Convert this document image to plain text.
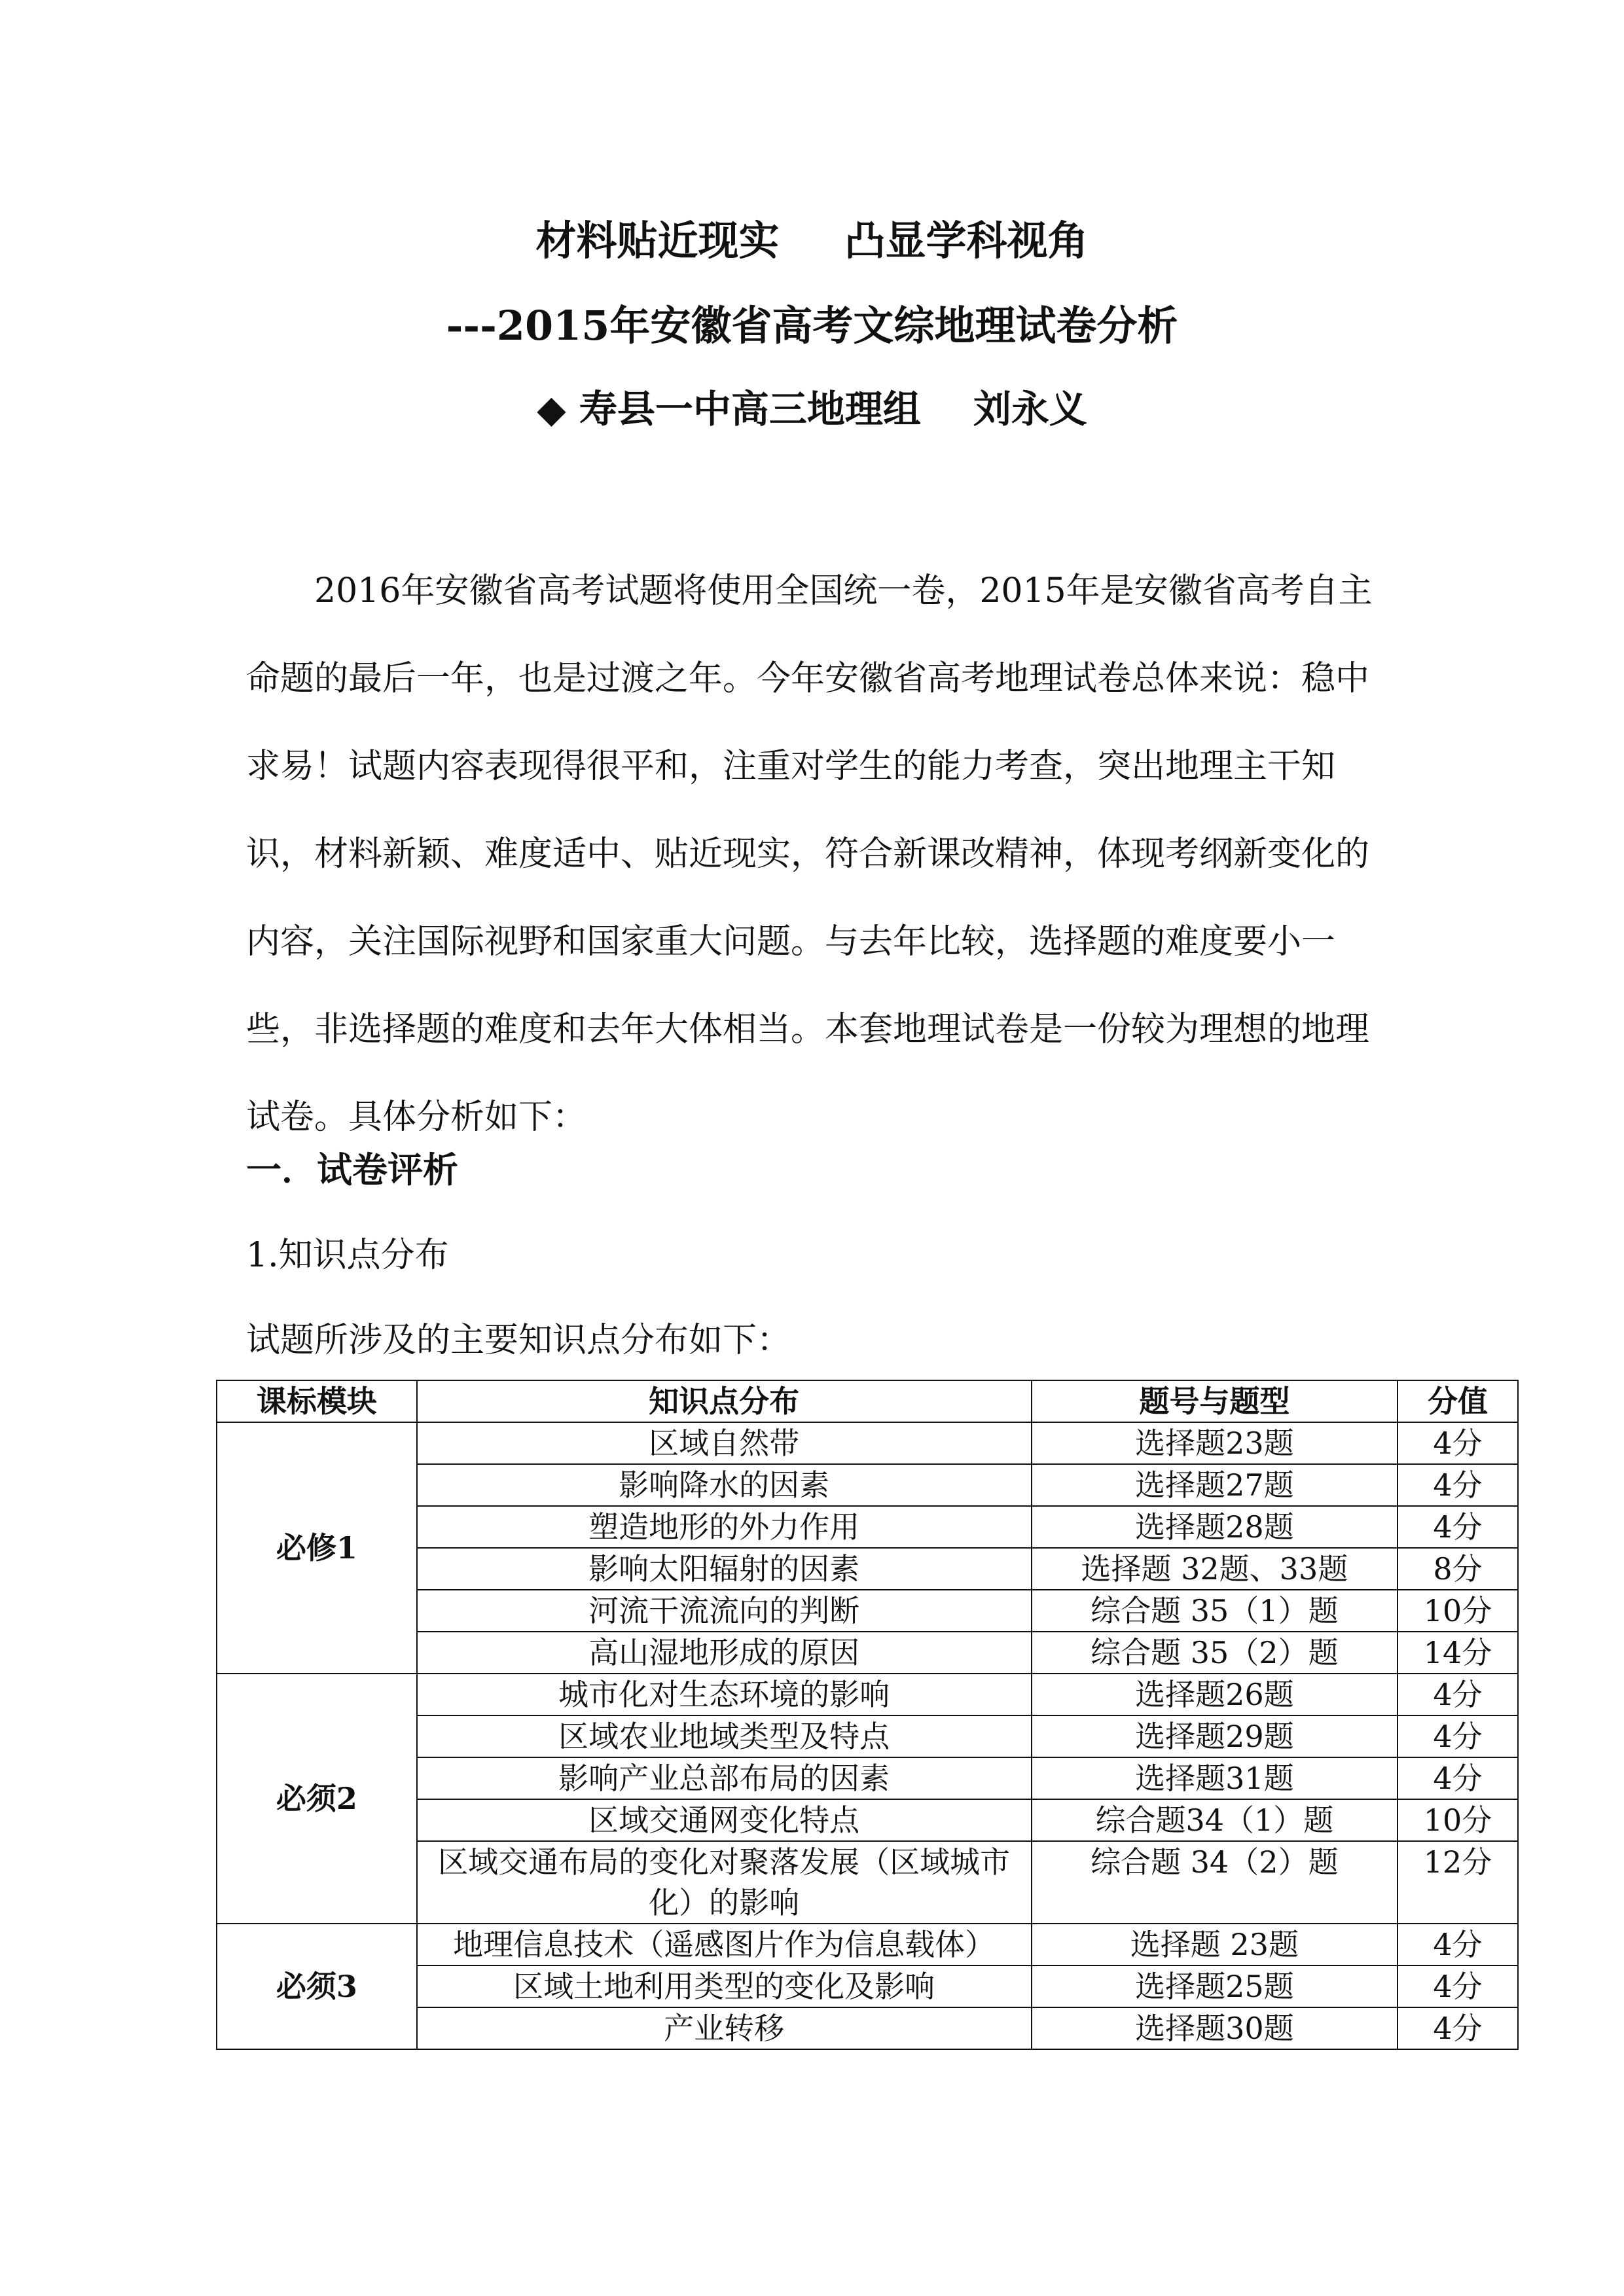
材料贴近现实 凸显学科视角
---2015年安徽省高考文综地理试卷分析
◆ 寿县一中高三地理组 刘永义

2016年安徽省高考试题将使用全国统一卷，2015年是安徽省高考自主命题的最后一年，也是过渡之年。今年安徽省高考地理试卷总体来说：稳中求易！试题内容表现得很平和，注重对学生的能力考查，突出地理主干知识，材料新颖、难度适中、贴近现实，符合新课改精神，体现考纲新变化的内容，关注国际视野和国家重大问题。与去年比较，选择题的难度要小一些，非选择题的难度和去年大体相当。本套地理试卷是一份较为理想的地理试卷。具体分析如下：

一．试卷评析
1.知识点分布
试题所涉及的主要知识点分布如下：
课标模块	知识点分布	题号与题型	分值
必修1	区域自然带	选择题23题	4分
	影响降水的因素	选择题27题	4分
	塑造地形的外力作用	选择题28题	4分
	影响太阳辐射的因素	选择题 32题、33题	8分
	河流干流流向的判断	综合题 35（1）题	10分
	高山湿地形成的原因	综合题 35（2）题	14分
必须2	城市化对生态环境的影响	选择题26题	4分
	区域农业地域类型及特点	选择题29题	4分
	影响产业总部布局的因素	选择题31题	4分
	区域交通网变化特点	综合题34（1）题	10分
	区域交通布局的变化对聚落发展（区域城市化）的影响	综合题 34（2）题	12分
必须3	地理信息技术（遥感图片作为信息载体）	选择题 23题	4分
	区域土地利用类型的变化及影响	选择题25题	4分
	产业转移	选择题30题	4分
